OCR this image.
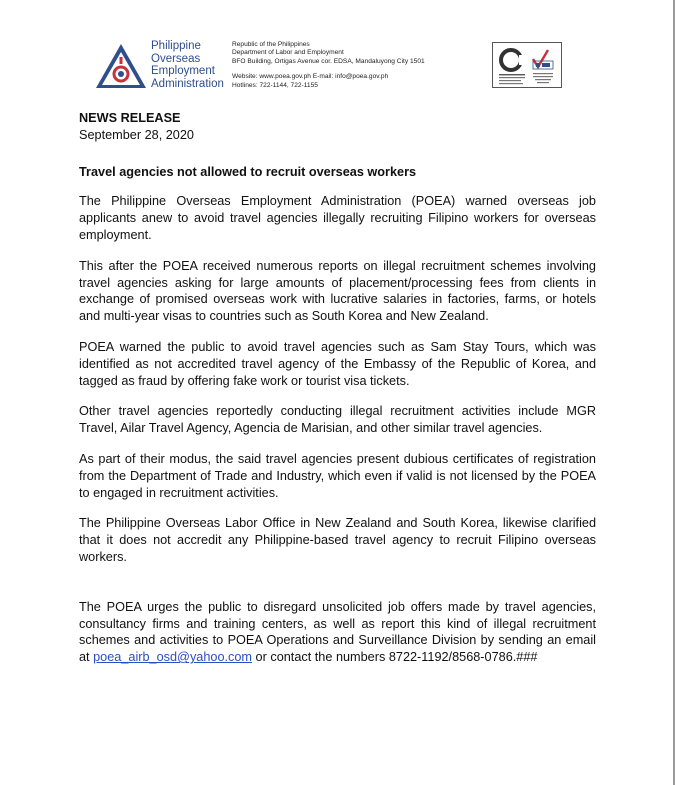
Philippine
Overseas
Employment
Administration
Republic of the Philippines
Department of Labor and Employment
BFO Building, Ortigas Avenue cor. EDSA, Mandaluyong City 1501
Website: www.poea.gov.ph E-mail: info@poea.gov.ph
Hotlines: 722-1144, 722-1155

NEWS RELEASE

September 28, 2020

Travel agencies not allowed to recruit overseas workers

The Philippine Overseas Employment Administration (POEA) warned overseas job applicants anew to avoid travel agencies illegally recruiting Filipino workers for overseas employment.

This after the POEA received numerous reports on illegal recruitment schemes involving travel agencies asking for large amounts of placement/processing fees from clients in exchange of promised overseas work with lucrative salaries in factories, farms, or hotels and multi-year visas to countries such as South Korea and New Zealand.

POEA warned the public to avoid travel agencies such as Sam Stay Tours, which was identified as not accredited travel agency of the Embassy of the Republic of Korea, and tagged as fraud by offering fake work or tourist visa tickets.

Other travel agencies reportedly conducting illegal recruitment activities include MGR Travel, Ailar Travel Agency, Agencia de Marisian, and other similar travel agencies.

As part of their modus, the said travel agencies present dubious certificates of registration from the Department of Trade and Industry, which even if valid is not licensed by the POEA to engaged in recruitment activities.

The Philippine Overseas Labor Office in New Zealand and South Korea, likewise clarified that it does not accredit any Philippine-based travel agency to recruit Filipino overseas workers.

The POEA urges the public to disregard unsolicited job offers made by travel agencies, consultancy firms and training centers, as well as report this kind of illegal recruitment schemes and activities to POEA Operations and Surveillance Division by sending an email at poea_airb_osd@yahoo.com or contact the numbers 8722-1192/8568-0786.###
